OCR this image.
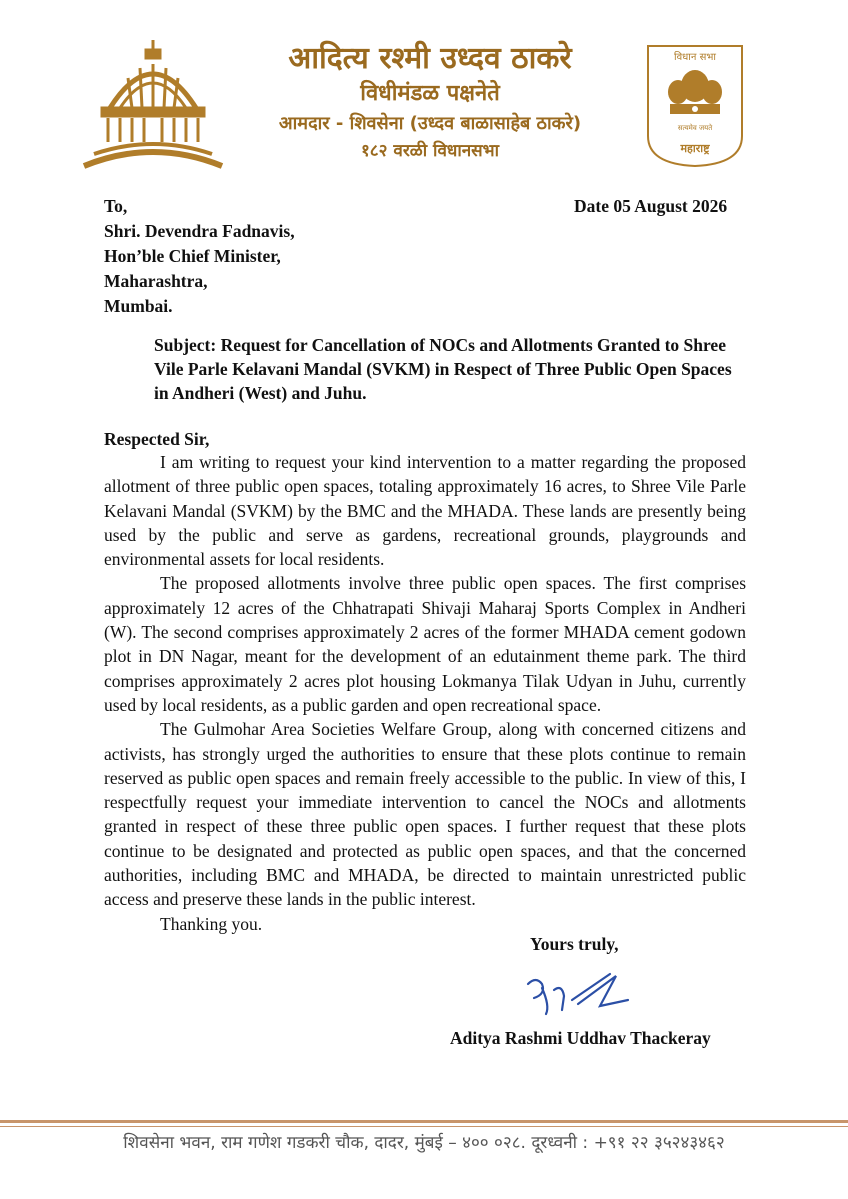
आदित्य रश्मी उध्दव ठाकरे

विधीमंडळ पक्षनेते

आमदार - शिवसेना (उध्दव बाळासाहेब ठाकरे)

१८२ वरळी विधानसभा

विधान सभा
सत्यमेव जयते
महाराष्ट्र
To,
Shri. Devendra Fadnavis,
Hon’ble Chief Minister,
Maharashtra,
Mumbai.
Date 05 August 2026
Subject: Request for Cancellation of NOCs and Allotments Granted to Shree Vile Parle Kelavani Mandal (SVKM) in Respect of Three Public Open Spaces in Andheri (West) and Juhu.
Respected Sir,

I am writing to request your kind intervention to a matter regarding the proposed allotment of three public open spaces, totaling approximately 16 acres, to Shree Vile Parle Kelavani Mandal (SVKM) by the BMC and the MHADA. These lands are presently being used by the public and serve as gardens, recreational grounds, playgrounds and environmental assets for local residents.

The proposed allotments involve three public open spaces. The first comprises approximately 12 acres of the Chhatrapati Shivaji Maharaj Sports Complex in Andheri (W). The second comprises approximately 2 acres of the former MHADA cement godown plot in DN Nagar, meant for the development of an edutainment theme park. The third comprises approximately 2 acres plot housing Lokmanya Tilak Udyan in Juhu, currently used by local residents, as a public garden and open recreational space.

The Gulmohar Area Societies Welfare Group, along with concerned citizens and activists, has strongly urged the authorities to ensure that these plots continue to remain reserved as public open spaces and remain freely accessible to the public. In view of this, I respectfully request your immediate intervention to cancel the NOCs and allotments granted in respect of these three public open spaces. I further request that these plots continue to be designated and protected as public open spaces, and that the concerned authorities, including BMC and MHADA, be directed to maintain unrestricted public access and preserve these lands in the public interest.

Thanking you.

Yours truly,
Aditya Rashmi Uddhav Thackeray
शिवसेना भवन, राम गणेश गडकरी चौक, दादर, मुंबई – ४०० ०२८. दूरध्वनी : +९१ २२ ३५२४३४६२
